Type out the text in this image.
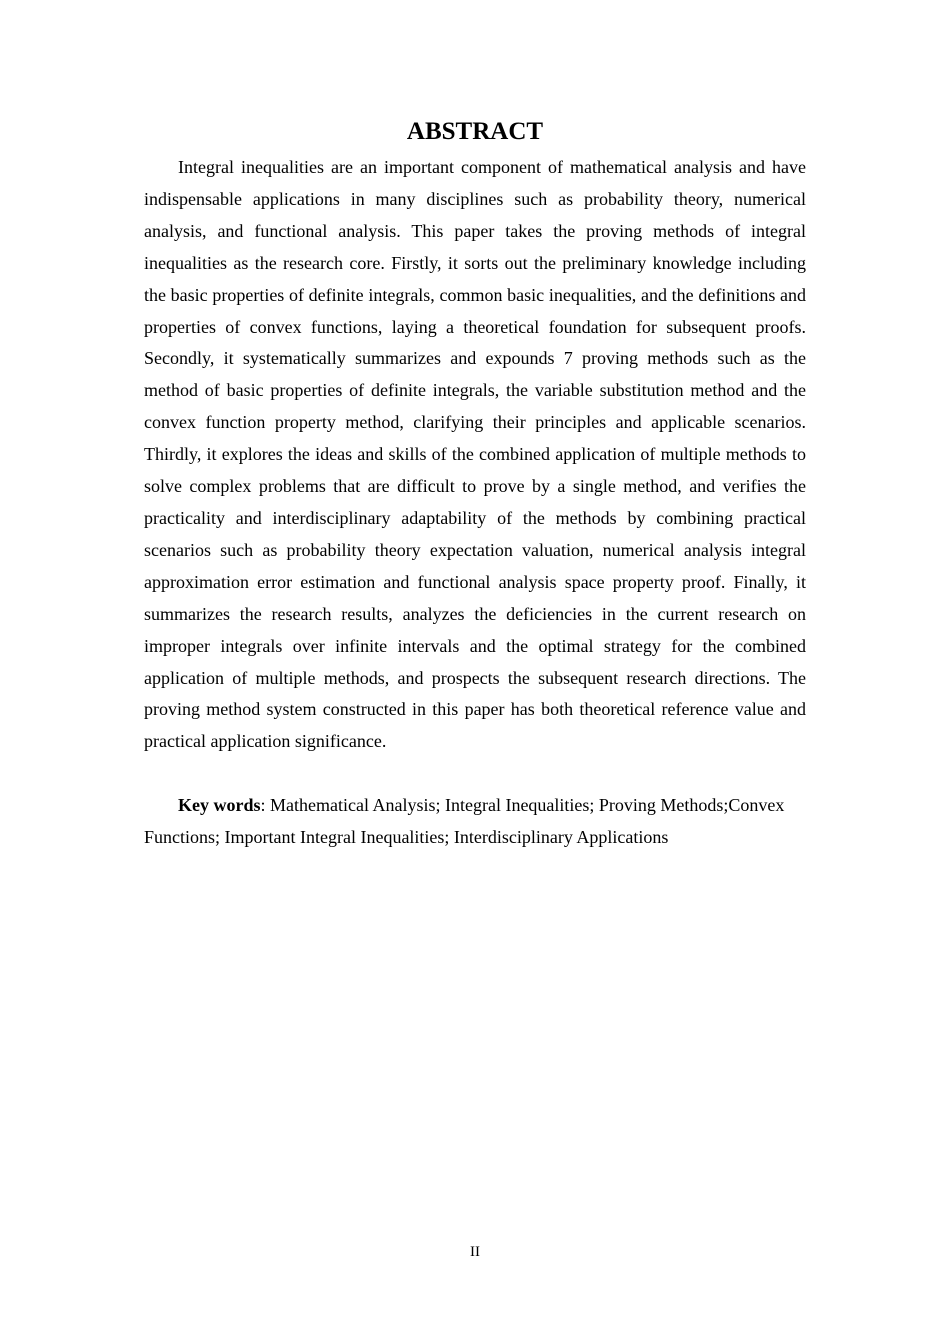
ABSTRACT

Integral inequalities are an important component of mathematical analysis and have indispensable applications in many disciplines such as probability theory, numerical analysis, and functional analysis. This paper takes the proving methods of integral inequalities as the research core. Firstly, it sorts out the preliminary knowledge including the basic properties of definite integrals, common basic inequalities, and the definitions and properties of convex functions, laying a theoretical foundation for subsequent proofs. Secondly, it systematically summarizes and expounds 7 proving methods such as the method of basic properties of definite integrals, the variable substitution method and the convex function property method, clarifying their principles and applicable scenarios. Thirdly, it explores the ideas and skills of the combined application of multiple methods to solve complex problems that are difficult to prove by a single method, and verifies the practicality and interdisciplinary adaptability of the methods by combining practical scenarios such as probability theory expectation valuation, numerical analysis integral approximation error estimation and functional analysis space property proof. Finally, it summarizes the research results, analyzes the deficiencies in the current research on improper integrals over infinite intervals and the optimal strategy for the combined application of multiple methods, and prospects the subsequent research directions. The proving method system constructed in this paper has both theoretical reference value and practical application significance.

Key words: Mathematical Analysis; Integral Inequalities; Proving Methods;Convex Functions; Important Integral Inequalities; Interdisciplinary Applications

II
